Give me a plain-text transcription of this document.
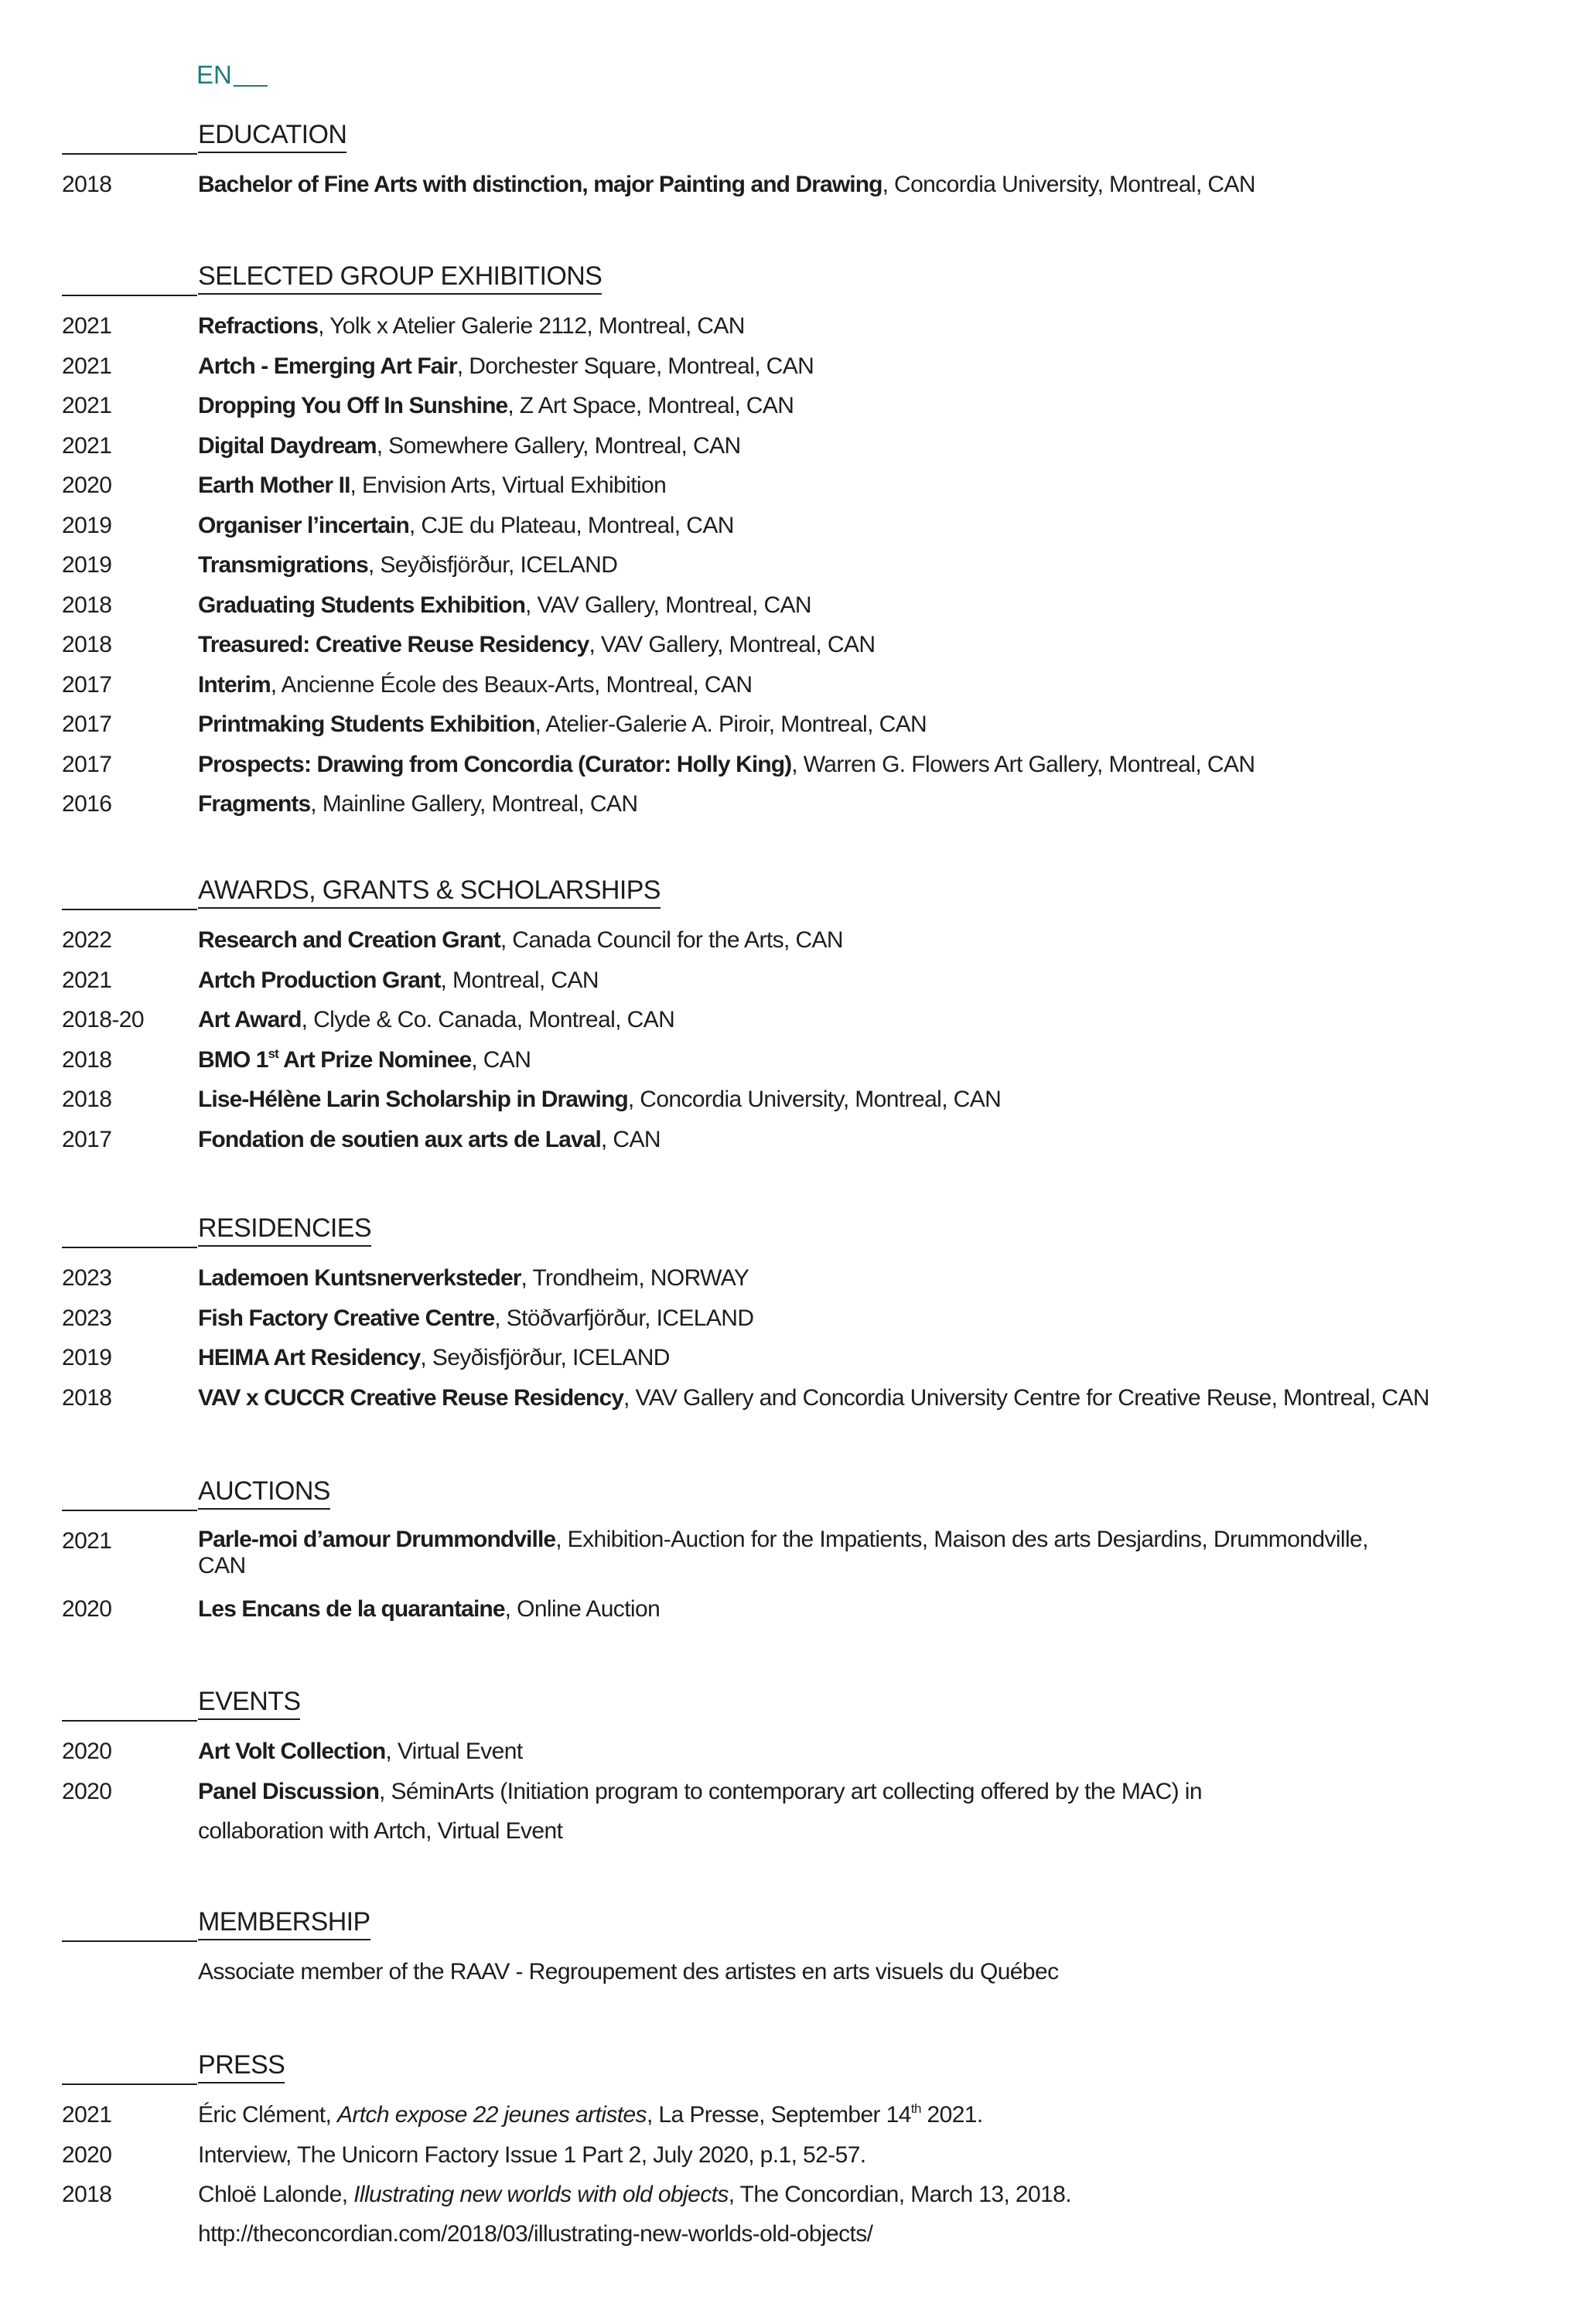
EN
EDUCATION
2018	Bachelor of Fine Arts with distinction, major Painting and Drawing, Concordia University, Montreal, CAN
SELECTED GROUP EXHIBITIONS
2021	Refractions, Yolk x Atelier Galerie 2112, Montreal, CAN
2021	Artch - Emerging Art Fair, Dorchester Square, Montreal, CAN
2021	Dropping You Off In Sunshine, Z Art Space, Montreal, CAN
2021	Digital Daydream, Somewhere Gallery, Montreal, CAN
2020	Earth Mother II, Envision Arts, Virtual Exhibition
2019	Organiser l’incertain, CJE du Plateau, Montreal, CAN
2019	Transmigrations, Seyðisfjörður, ICELAND
2018	Graduating Students Exhibition, VAV Gallery, Montreal, CAN
2018	Treasured: Creative Reuse Residency, VAV Gallery, Montreal, CAN
2017	Interim, Ancienne École des Beaux-Arts, Montreal, CAN
2017	Printmaking Students Exhibition, Atelier-Galerie A. Piroir, Montreal, CAN
2017	Prospects: Drawing from Concordia (Curator: Holly King), Warren G. Flowers Art Gallery, Montreal, CAN
2016	Fragments, Mainline Gallery, Montreal, CAN
AWARDS, GRANTS & SCHOLARSHIPS
2022	Research and Creation Grant, Canada Council for the Arts, CAN
2021	Artch Production Grant, Montreal, CAN
2018-20	Art Award, Clyde & Co. Canada, Montreal, CAN
2018	BMO 1st Art Prize Nominee, CAN
2018	Lise-Hélène Larin Scholarship in Drawing, Concordia University, Montreal, CAN
2017	Fondation de soutien aux arts de Laval, CAN
RESIDENCIES
2023	Lademoen Kuntsnerverksteder, Trondheim, NORWAY
2023	Fish Factory Creative Centre, Stöðvarfjörður, ICELAND
2019	HEIMA Art Residency, Seyðisfjörður, ICELAND
2018	VAV x CUCCR Creative Reuse Residency, VAV Gallery and Concordia University Centre for Creative Reuse, Montreal, CAN
AUCTIONS
2021	Parle-moi d’amour Drummondville, Exhibition-Auction for the Impatients, Maison des arts Desjardins, Drummondville,
CAN
2020	Les Encans de la quarantaine, Online Auction
EVENTS
2020	Art Volt Collection, Virtual Event
2020	Panel Discussion, SéminArts (Initiation program to contemporary art collecting offered by the MAC) in
collaboration with Artch, Virtual Event
MEMBERSHIP
Associate member of the RAAV - Regroupement des artistes en arts visuels du Québec
PRESS
2021	Éric Clément, Artch expose 22 jeunes artistes, La Presse, September 14th 2021.
2020	Interview, The Unicorn Factory Issue 1 Part 2, July 2020, p.1, 52-57.
2018	Chloë Lalonde, Illustrating new worlds with old objects, The Concordian, March 13, 2018.
http://theconcordian.com/2018/03/illustrating-new-worlds-old-objects/
